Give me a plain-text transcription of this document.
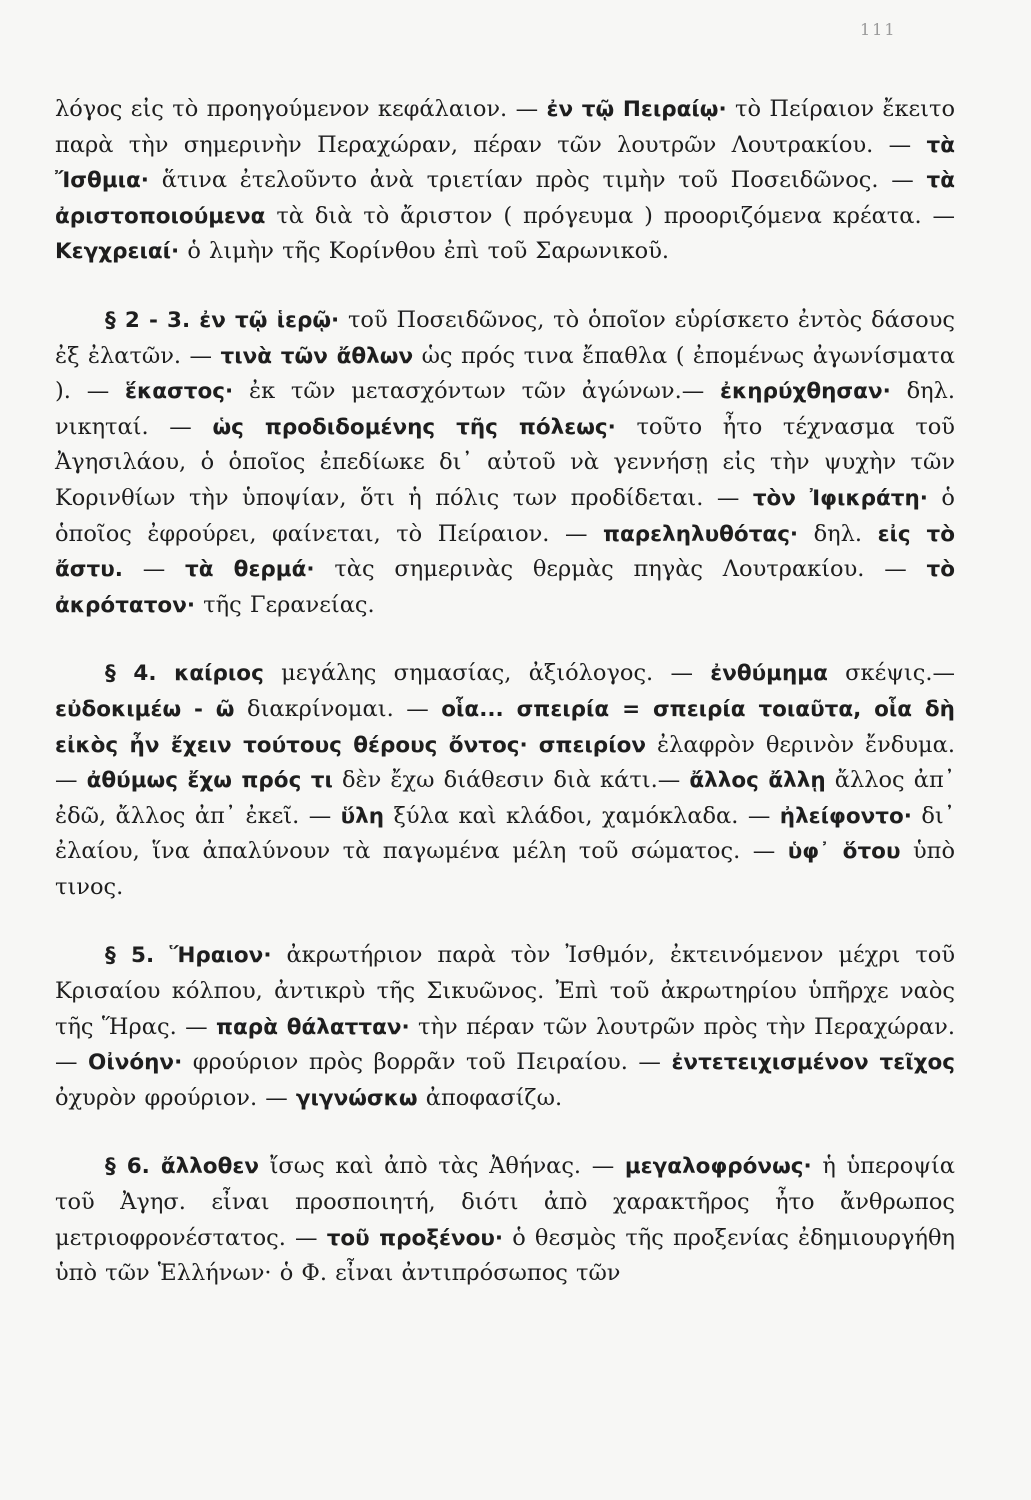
111

λόγος εἰς τὸ προηγούμενον κεφάλαιον. — ἐν τῷ Πειραίῳ· τὸ Πείραιον ἔκειτο παρὰ τὴν σημερινὴν Περαχώραν, πέραν τῶν λουτρῶν Λουτρακίου. — τὰ Ἴσθμια· ἅτινα ἐτελοῦντο ἀνὰ τριετίαν πρὸς τιμὴν τοῦ Ποσειδῶνος. — τὰ ἀριστοποιούμενα τὰ διὰ τὸ ἄριστον ( πρόγευμα ) προοριζόμενα κρέατα. — Κεγχρειαί· ὁ λιμὴν τῆς Κορίνθου ἐπὶ τοῦ Σαρωνικοῦ.

§ 2 - 3. ἐν τῷ ἱερῷ· τοῦ Ποσειδῶνος, τὸ ὁποῖον εὑρίσκετο ἐντὸς δάσους ἐξ ἐλατῶν. — τινὰ τῶν ἄθλων ὡς πρός τινα ἔπαθλα ( ἐπομένως ἀγωνίσματα ). — ἕκαστος· ἐκ τῶν μετασχόντων τῶν ἀγώνων.— ἐκηρύχθησαν· δηλ. νικηταί. — ὡς προδιδομένης τῆς πόλεως· τοῦτο ἦτο τέχνασμα τοῦ Ἀγησιλάου, ὁ ὁποῖος ἐπεδίωκε δι᾽ αὐτοῦ νὰ γεννήσῃ εἰς τὴν ψυχὴν τῶν Κορινθίων τὴν ὑποψίαν, ὅτι ἡ πόλις των προδίδεται. — τὸν Ἰφικράτη· ὁ ὁποῖος ἐφρούρει, φαίνεται, τὸ Πείραιον. — παρεληλυθότας· δηλ. εἰς τὸ ἄστυ. — τὰ θερμά· τὰς σημερινὰς θερμὰς πηγὰς Λουτρακίου. — τὸ ἀκρότατον· τῆς Γερανείας.

§ 4. καίριος μεγάλης σημασίας, ἀξιόλογος. — ἐνθύμημα σκέψις.— εὐδοκιμέω - ῶ διακρίνομαι. — οἷα... σπειρία = σπειρία τοιαῦτα, οἷα δὴ εἰκὸς ἦν ἔχειν τούτους θέρους ὄντος· σπειρίον ἐλαφρὸν θερινὸν ἔνδυμα. — ἀθύμως ἔχω πρός τι δὲν ἔχω διάθεσιν διὰ κάτι.— ἄλλος ἄλλῃ ἄλλος ἀπ᾽ ἐδῶ, ἄλλος ἀπ᾽ ἐκεῖ. — ὕλη ξύλα καὶ κλάδοι, χαμόκλαδα. — ἠλείφοντο· δι᾽ ἐλαίου, ἵνα ἀπαλύνουν τὰ παγωμένα μέλη τοῦ σώματος. — ὑφ᾽ ὅτου ὑπὸ τινος.

§ 5. Ἥραιον· ἀκρωτήριον παρὰ τὸν Ἰσθμόν, ἐκτεινόμενον μέχρι τοῦ Κρισαίου κόλπου, ἀντικρὺ τῆς Σικυῶνος. Ἐπὶ τοῦ ἀκρωτηρίου ὑπῆρχε ναὸς τῆς Ἥρας. — παρὰ θάλατταν· τὴν πέραν τῶν λουτρῶν πρὸς τὴν Περαχώραν. — Οἰνόην· φρούριον πρὸς βορρᾶν τοῦ Πειραίου. — ἐντετειχισμένον τεῖχος ὀχυρὸν φρούριον. — γιγνώσκω ἀποφασίζω.

§ 6. ἄλλοθεν ἴσως καὶ ἀπὸ τὰς Ἀθήνας. — μεγαλοφρόνως· ἡ ὑπεροψία τοῦ Ἀγησ. εἶναι προσποιητή, διότι ἀπὸ χαρακτῆρος ἦτο ἄνθρωπος μετριοφρονέστατος. — τοῦ προξένου· ὁ θεσμὸς τῆς προξενίας ἐδημιουργήθη ὑπὸ τῶν Ἑλλήνων· ὁ Φ. εἶναι ἀντιπρόσωπος τῶν
